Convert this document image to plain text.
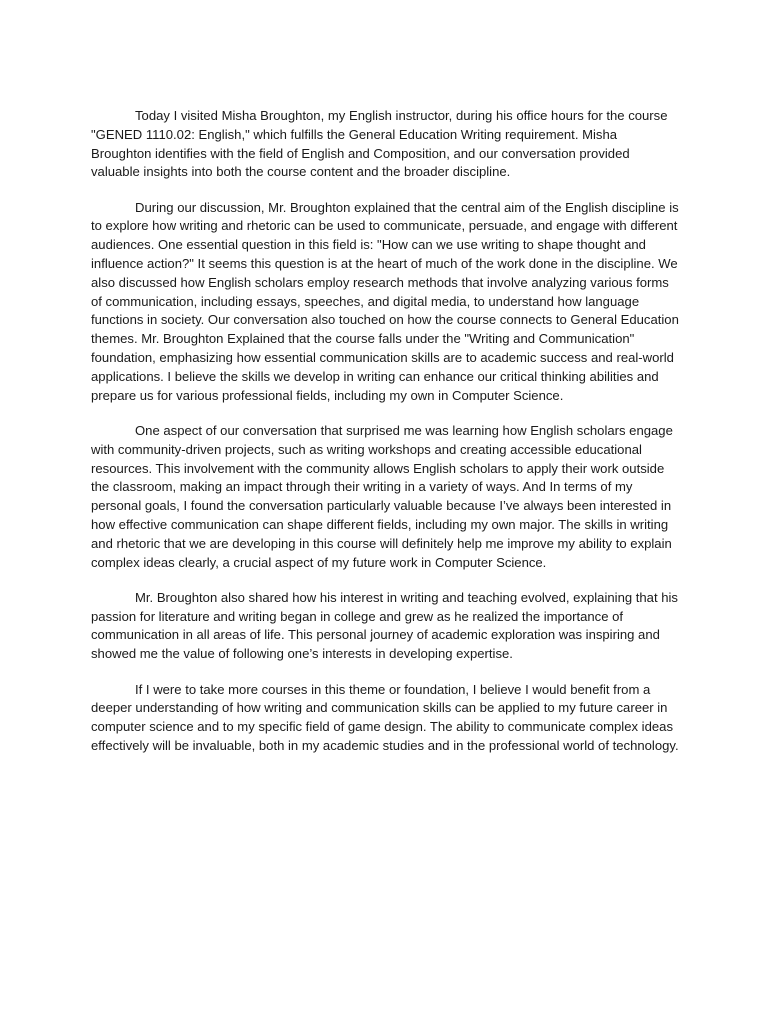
Today I visited Misha Broughton, my English instructor, during his office hours for the course "GENED 1110.02: English," which fulfills the General Education Writing requirement. Misha Broughton identifies with the field of English and Composition, and our conversation provided valuable insights into both the course content and the broader discipline.

During our discussion, Mr. Broughton explained that the central aim of the English discipline is to explore how writing and rhetoric can be used to communicate, persuade, and engage with different audiences. One essential question in this field is: "How can we use writing to shape thought and influence action?" It seems this question is at the heart of much of the work done in the discipline. We also discussed how English scholars employ research methods that involve analyzing various forms of communication, including essays, speeches, and digital media, to understand how language functions in society. Our conversation also touched on how the course connects to General Education themes. Mr. Broughton Explained that the course falls under the "Writing and Communication" foundation, emphasizing how essential communication skills are to academic success and real-world applications. I believe the skills we develop in writing can enhance our critical thinking abilities and prepare us for various professional fields, including my own in Computer Science.

One aspect of our conversation that surprised me was learning how English scholars engage with community-driven projects, such as writing workshops and creating accessible educational resources. This involvement with the community allows English scholars to apply their work outside the classroom, making an impact through their writing in a variety of ways. And In terms of my personal goals, I found the conversation particularly valuable because I’ve always been interested in how effective communication can shape different fields, including my own major. The skills in writing and rhetoric that we are developing in this course will definitely help me improve my ability to explain complex ideas clearly, a crucial aspect of my future work in Computer Science.

Mr. Broughton also shared how his interest in writing and teaching evolved, explaining that his passion for literature and writing began in college and grew as he realized the importance of communication in all areas of life. This personal journey of academic exploration was inspiring and showed me the value of following one’s interests in developing expertise.

If I were to take more courses in this theme or foundation, I believe I would benefit from a deeper understanding of how writing and communication skills can be applied to my future career in computer science and to my specific field of game design. The ability to communicate complex ideas effectively will be invaluable, both in my academic studies and in the professional world of technology.
